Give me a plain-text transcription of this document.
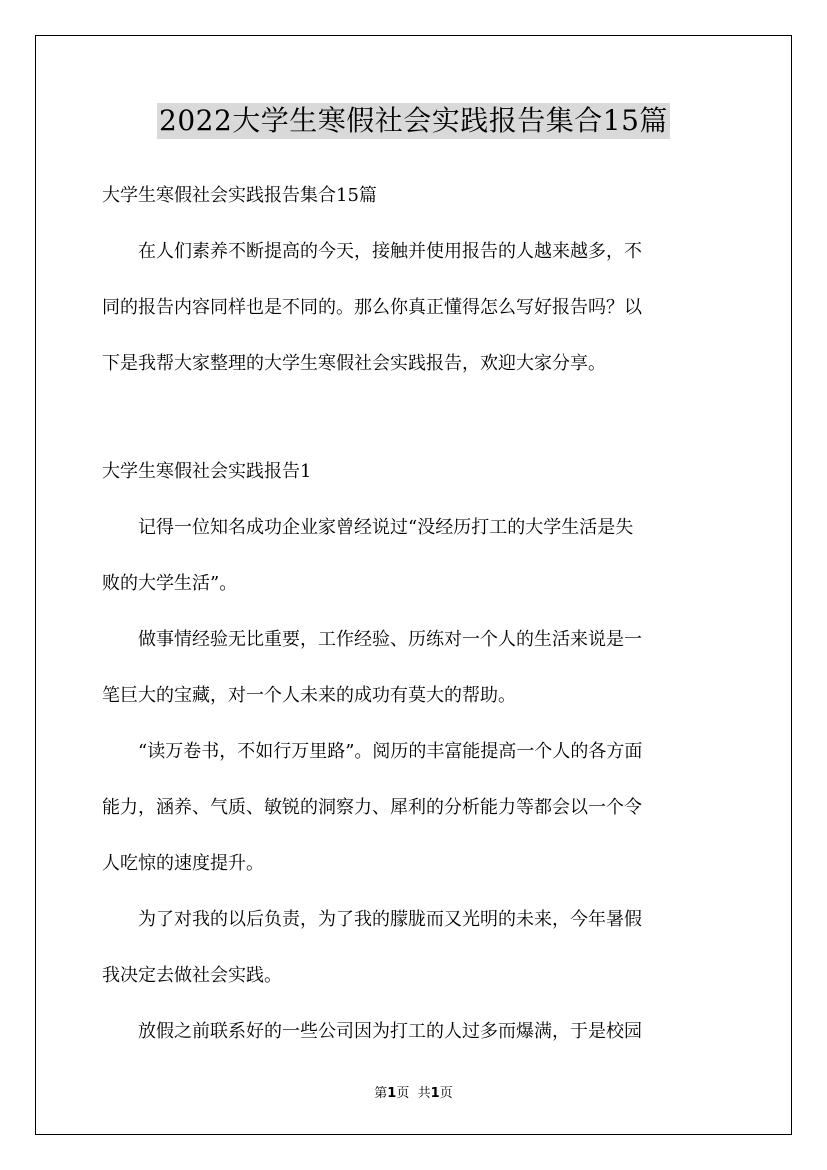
2022大学生寒假社会实践报告集合15篇
大学生寒假社会实践报告集合15篇
在人们素养不断提高的今天，接触并使用报告的人越来越多，不
同的报告内容同样也是不同的。那么你真正懂得怎么写好报告吗？以
下是我帮大家整理的大学生寒假社会实践报告，欢迎大家分享。
大学生寒假社会实践报告1
记得一位知名成功企业家曾经说过“没经历打工的大学生活是失
败的大学生活”。
做事情经验无比重要，工作经验、历练对一个人的生活来说是一
笔巨大的宝藏，对一个人未来的成功有莫大的帮助。
“读万卷书，不如行万里路”。阅历的丰富能提高一个人的各方面
能力，涵养、气质、敏锐的洞察力、犀利的分析能力等都会以一个令
人吃惊的速度提升。
为了对我的以后负责，为了我的朦胧而又光明的未来，今年暑假
我决定去做社会实践。
放假之前联系好的一些公司因为打工的人过多而爆满，于是校园
第1页 共1页
